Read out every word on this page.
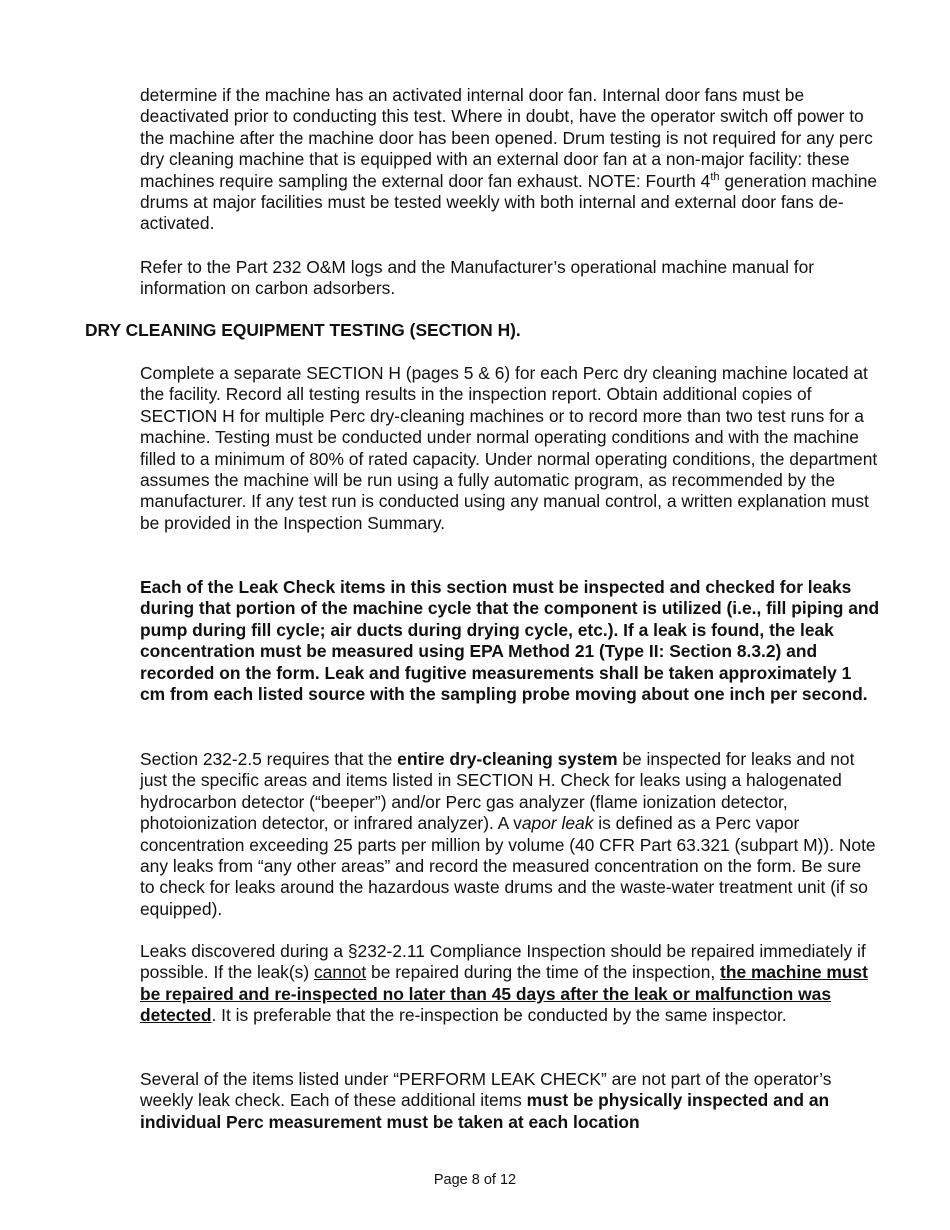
determine if the machine has an activated internal door fan. Internal door fans must be deactivated prior to conducting this test. Where in doubt, have the operator switch off power to the machine after the machine door has been opened. Drum testing is not required for any perc dry cleaning machine that is equipped with an external door fan at a non-major facility: these machines require sampling the external door fan exhaust. NOTE: Fourth 4th generation machine drums at major facilities must be tested weekly with both internal and external door fans de-activated.

Refer to the Part 232 O&M logs and the Manufacturer’s operational machine manual for information on carbon adsorbers.

DRY CLEANING EQUIPMENT TESTING (SECTION H).

Complete a separate SECTION H (pages 5 & 6) for each Perc dry cleaning machine located at the facility. Record all testing results in the inspection report. Obtain additional copies of SECTION H for multiple Perc dry-cleaning machines or to record more than two test runs for a machine. Testing must be conducted under normal operating conditions and with the machine filled to a minimum of 80% of rated capacity. Under normal operating conditions, the department assumes the machine will be run using a fully automatic program, as recommended by the manufacturer. If any test run is conducted using any manual control, a written explanation must be provided in the Inspection Summary.

Each of the Leak Check items in this section must be inspected and checked for leaks during that portion of the machine cycle that the component is utilized (i.e., fill piping and pump during fill cycle; air ducts during drying cycle, etc.). If a leak is found, the leak concentration must be measured using EPA Method 21 (Type II: Section 8.3.2) and recorded on the form. Leak and fugitive measurements shall be taken approximately 1 cm from each listed source with the sampling probe moving about one inch per second.

Section 232-2.5 requires that the entire dry-cleaning system be inspected for leaks and not just the specific areas and items listed in SECTION H. Check for leaks using a halogenated hydrocarbon detector (“beeper”) and/or Perc gas analyzer (flame ionization detector, photoionization detector, or infrared analyzer). A vapor leak is defined as a Perc vapor concentration exceeding 25 parts per million by volume (40 CFR Part 63.321 (subpart M)). Note any leaks from “any other areas” and record the measured concentration on the form. Be sure to check for leaks around the hazardous waste drums and the waste-water treatment unit (if so equipped).

Leaks discovered during a §232-2.11 Compliance Inspection should be repaired immediately if possible. If the leak(s) cannot be repaired during the time of the inspection, the machine must be repaired and re-inspected no later than 45 days after the leak or malfunction was detected. It is preferable that the re-inspection be conducted by the same inspector.

Several of the items listed under “PERFORM LEAK CHECK” are not part of the operator’s weekly leak check. Each of these additional items must be physically inspected and an individual Perc measurement must be taken at each location

Page 8 of 12
